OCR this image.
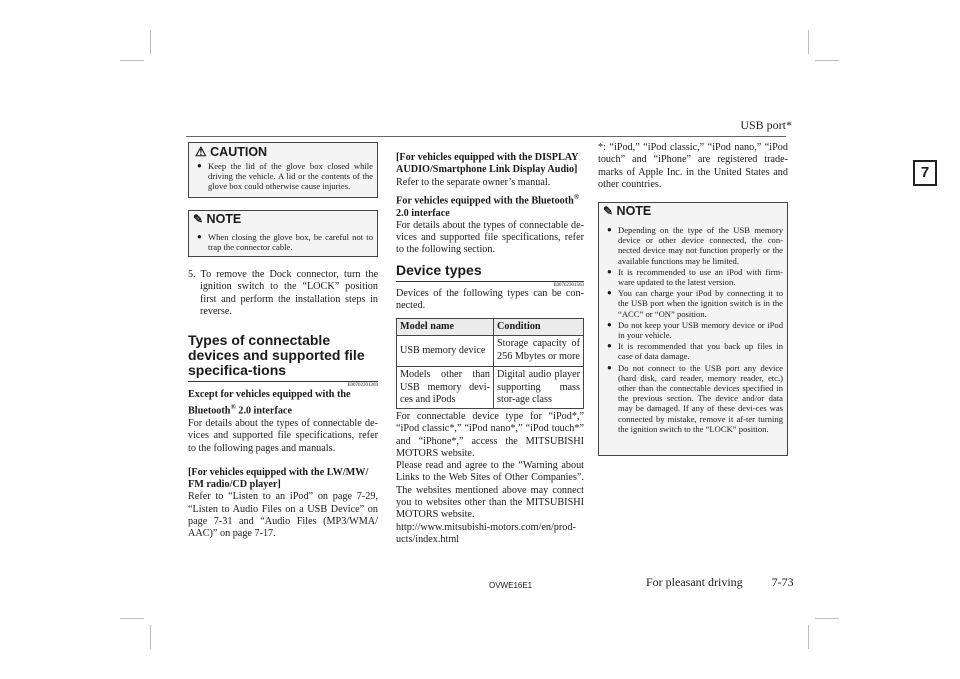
USB port*
7
⚠ CAUTION
● Keep the lid of the glove box closed while driving the vehicle. A lid or the contents of the glove box could otherwise cause injuries.
✎ NOTE
● When closing the glove box, be careful not to trap the connector cable.
5. To remove the Dock connector, turn the ignition switch to the “LOCK” position first and perform the installation steps in reverse.
Types of connectable devices and supported file specifica-tions
E00762201269

Except for vehicles equipped with the Bluetooth® 2.0 interface

For details about the types of connectable de-vices and supported file specifications, refer to the following pages and manuals.

[For vehicles equipped with the LW/MW/ FM radio/CD player]

Refer to “Listen to an iPod” on page 7-29, “Listen to Audio Files on a USB Device” on page 7-31 and “Audio Files (MP3/WMA/ AAC)” on page 7-17.

[For vehicles equipped with the DISPLAY AUDIO/Smartphone Link Display Audio]

Refer to the separate owner’s manual.

For vehicles equipped with the Bluetooth®
2.0 interface

For details about the types of connectable de-vices and supported file specifications, refer to the following section.

Device types
E00762301563

Devices of the following types can be con-nected.

Model name	Condition
USB memory device	Storage capacity of 256 Mbytes or more
Models other than USB memory devi-ces and iPods	Digital audio player supporting mass stor-age class

For connectable device type for “iPod*,” “iPod classic*,” “iPod nano*,” “iPod touch*” and “iPhone*,” access the MITSUBISHI MOTORS website.

Please read and agree to the “Warning about Links to the Web Sites of Other Companies”. The websites mentioned above may connect you to websites other than the MITSUBISHI MOTORS website.

http://www.mitsubishi-motors.com/en/prod-ucts/index.html

*: “iPod,” “iPod classic,” “iPod nano,” “iPod touch” and “iPhone” are registered trade-marks of Apple Inc. in the United States and other countries.

✎ NOTE
● Depending on the type of the USB memory device or other device connected, the con-nected device may not function properly or the available functions may be limited.
● It is recommended to use an iPod with firm-ware updated to the latest version.
● You can charge your iPod by connecting it to the USB port when the ignition switch is in the “ACC” or “ON” position.
● Do not keep your USB memory device or iPod in your vehicle.
● It is recommended that you back up files in case of data damage.
● Do not connect to the USB port any device (hard disk, card reader, memory reader, etc.) other than the connectable devices specified in the previous section. The device and/or data may be damaged. If any of these devi-ces was connected by mistake, remove it af-ter turning the ignition switch to the “LOCK” position.
OVWE16E1	For pleasant driving 7-73
